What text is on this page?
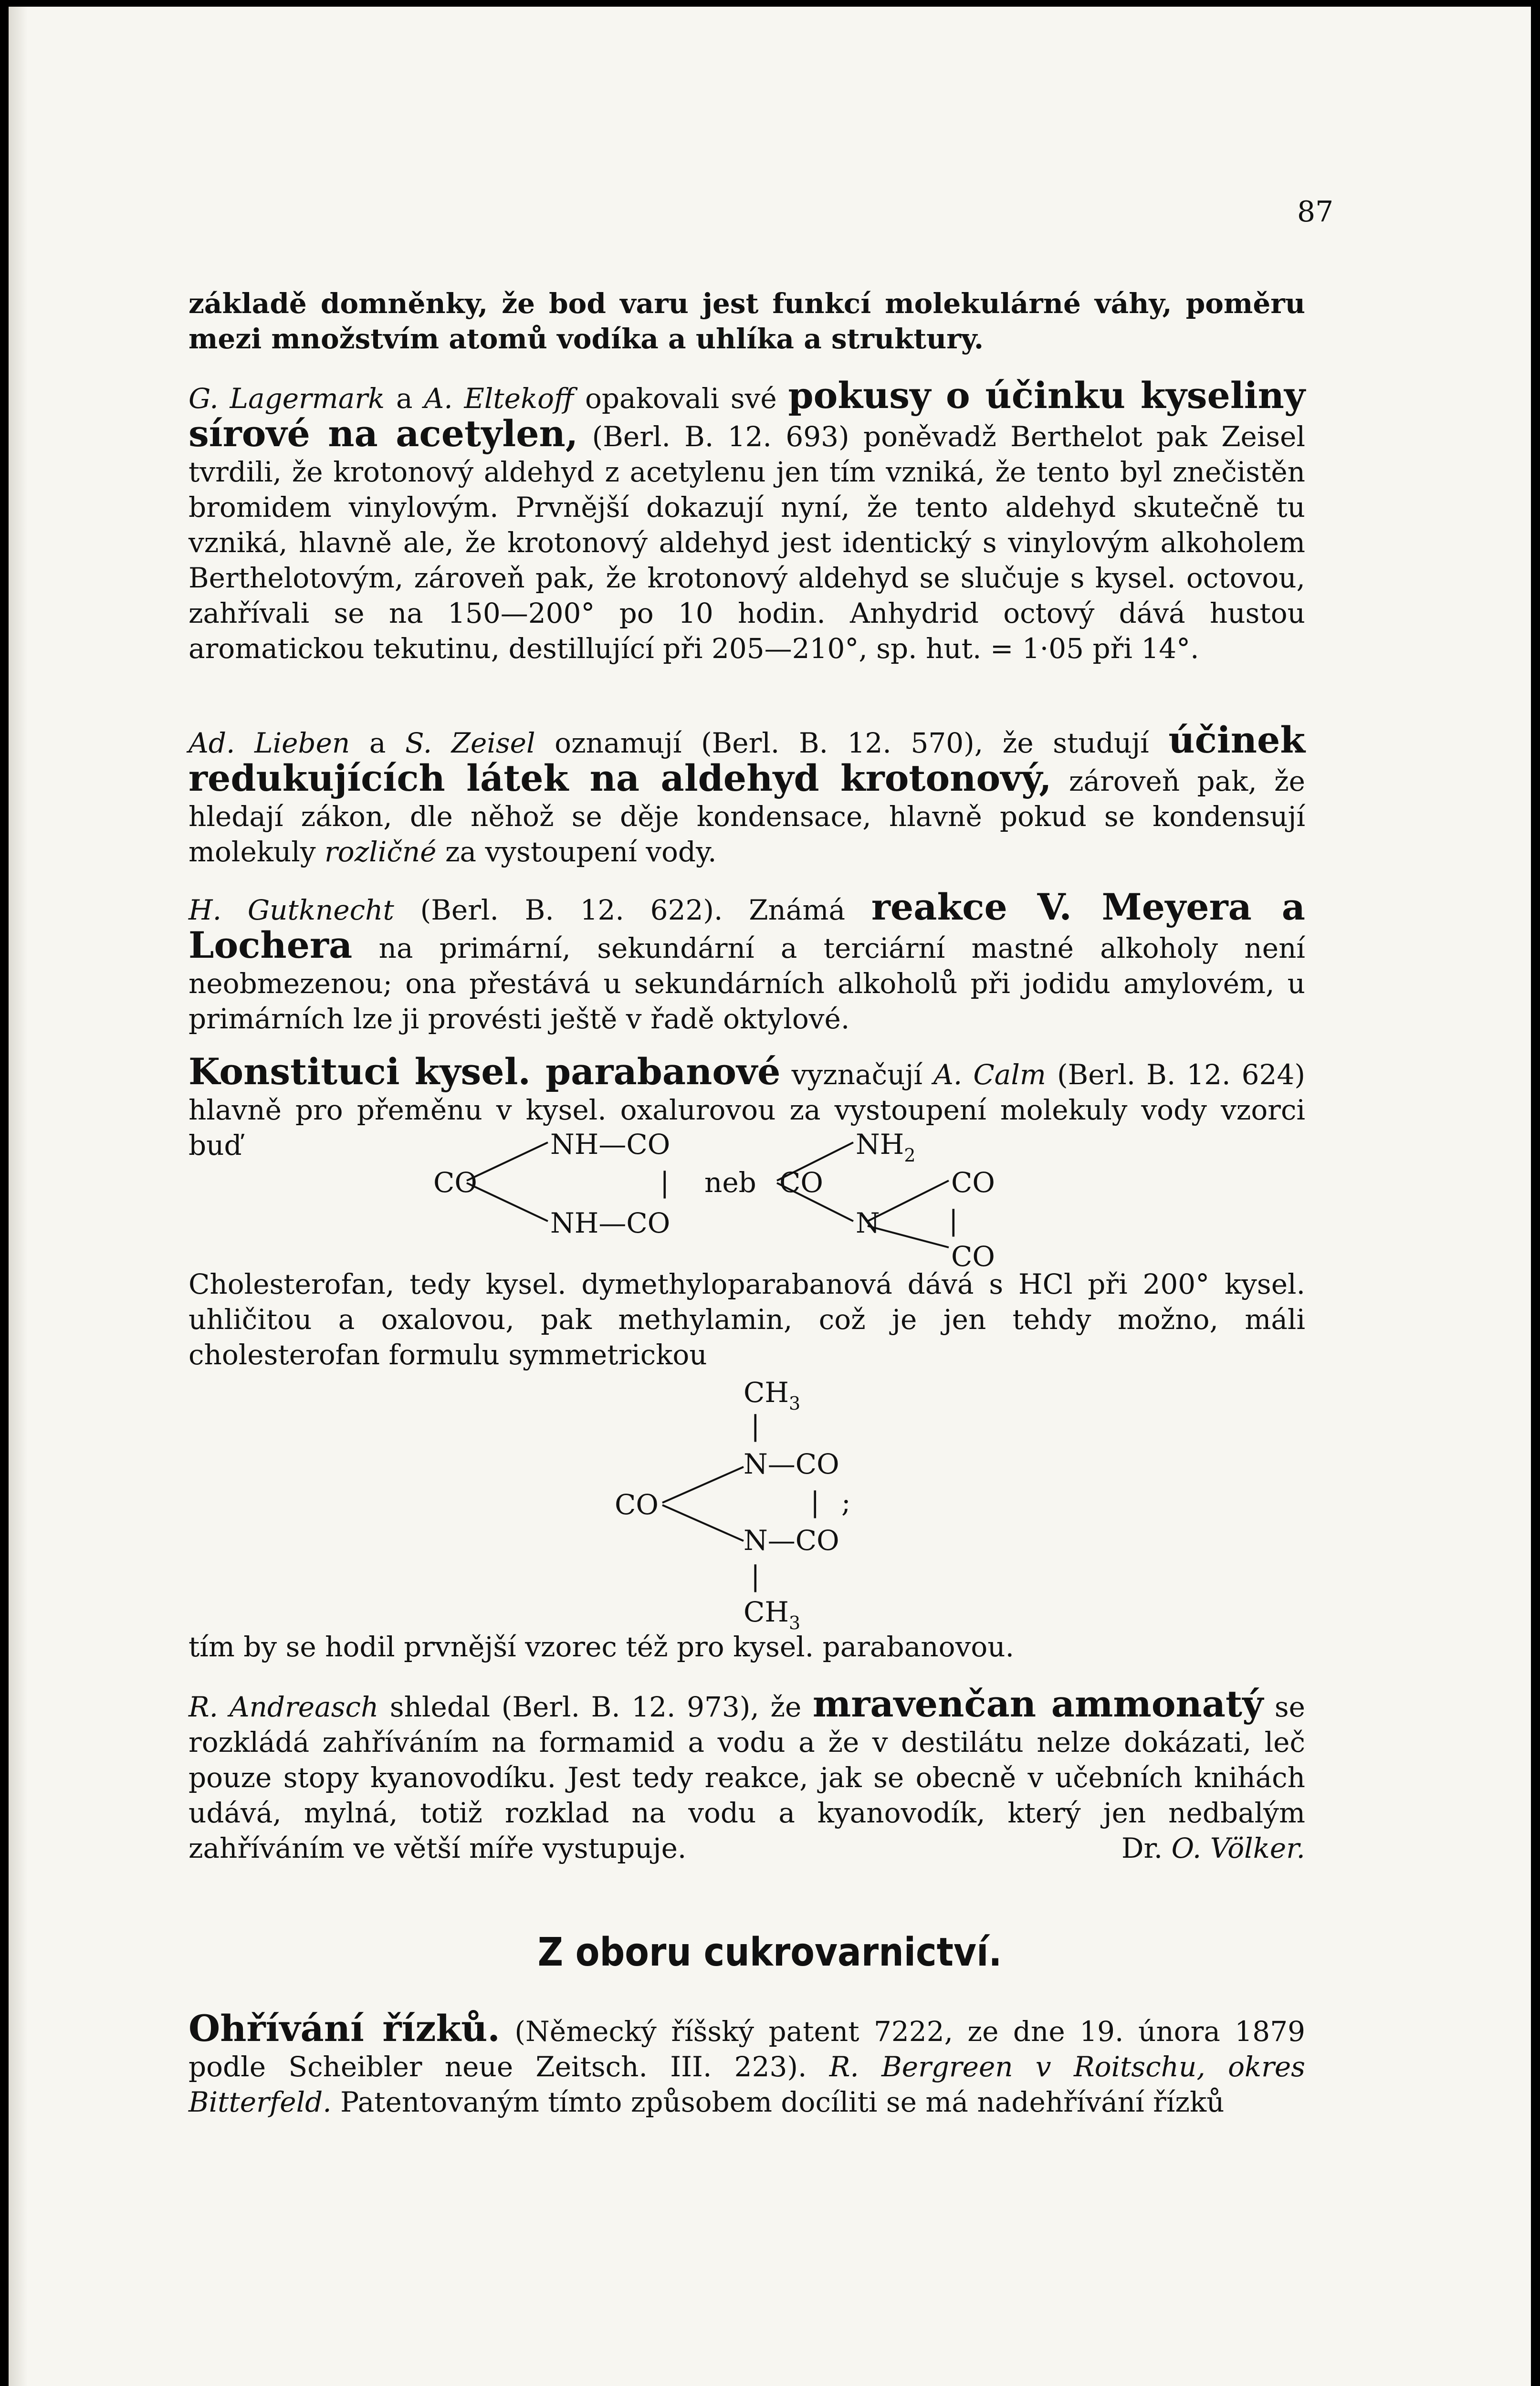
87

základě domněnky, že bod varu jest funkcí molekulárné váhy, poměru mezi množstvím atomů vodíka a uhlíka a struktury.

G. Lagermark a A. Eltekoff opakovali své pokusy o účinku kyseliny sírové na acetylen, (Berl. B. 12. 693) poněvadž Berthelot pak Zeisel tvrdili, že krotonový aldehyd z acetylenu jen tím vzniká, že tento byl znečistěn bromidem vinylovým. Prvnější dokazují nyní, že tento aldehyd skutečně tu vzniká, hlavně ale, že krotonový aldehyd jest identický s vinylovým alkoholem Berthelotovým, zároveň pak, že krotonový aldehyd se slučuje s kysel. octovou, zahřívali se na 150—200° po 10 hodin. Anhydrid octový dává hustou aromatickou tekutinu, destillující při 205—210°, sp. hut. = 1·05 při 14°.

Ad. Lieben a S. Zeisel oznamují (Berl. B. 12. 570), že studují účinek redukujících látek na aldehyd krotonový, zároveň pak, že hledají zákon, dle něhož se děje kondensace, hlavně pokud se kondensují molekuly rozličné za vystoupení vody.

H. Gutknecht (Berl. B. 12. 622). Známá reakce V. Meyera a Lochera na primární, sekundární a terciární mastné alkoholy není neobmezenou; ona přestává u sekundárních alkoholů při jodidu amylovém, u primárních lze ji provésti ještě v řadě oktylové.

Konstituci kysel. parabanové vyznačují A. Calm (Berl. B. 12. 624) hlavně pro přeměnu v kysel. oxalurovou za vystoupení molekuly vody vzorci buď

CO
NH—CO
|
NH—CO
neb CO
$NH_2$
CO
N |
CO

Cholesterofan, tedy kysel. dymethyloparabanová dává s HCl při 200° kysel. uhličitou a oxalovou, pak methylamin, což je jen tehdy možno, máli cholesterofan formulu symmetrickou

$CH_3$
|
N—CO
CO	| ;
N—CO
|
$CH_3$

tím by se hodil prvnější vzorec též pro kysel. parabanovou.

R. Andreasch shledal (Berl. B. 12. 973), že mravenčan ammonatý se rozkládá zahříváním na formamid a vodu a že v destilátu nelze dokázati, leč pouze stopy kyanovodíku. Jest tedy reakce, jak se obecně v učebních knihách udává, mylná, totiž rozklad na vodu a kyanovodík, který jen nedbalým zahříváním ve větší míře vystupuje.	Dr. O. Völker.

Z oboru cukrovarnictví.

Ohřívání řízků. (Německý říšský patent 7222, ze dne 19. února 1879 podle Scheibler neue Zeitsch. III. 223). R. Bergreen v Roitschu, okres Bitterfeld. Patentovaným tímto způsobem docíliti se má nadehřívání řízků
